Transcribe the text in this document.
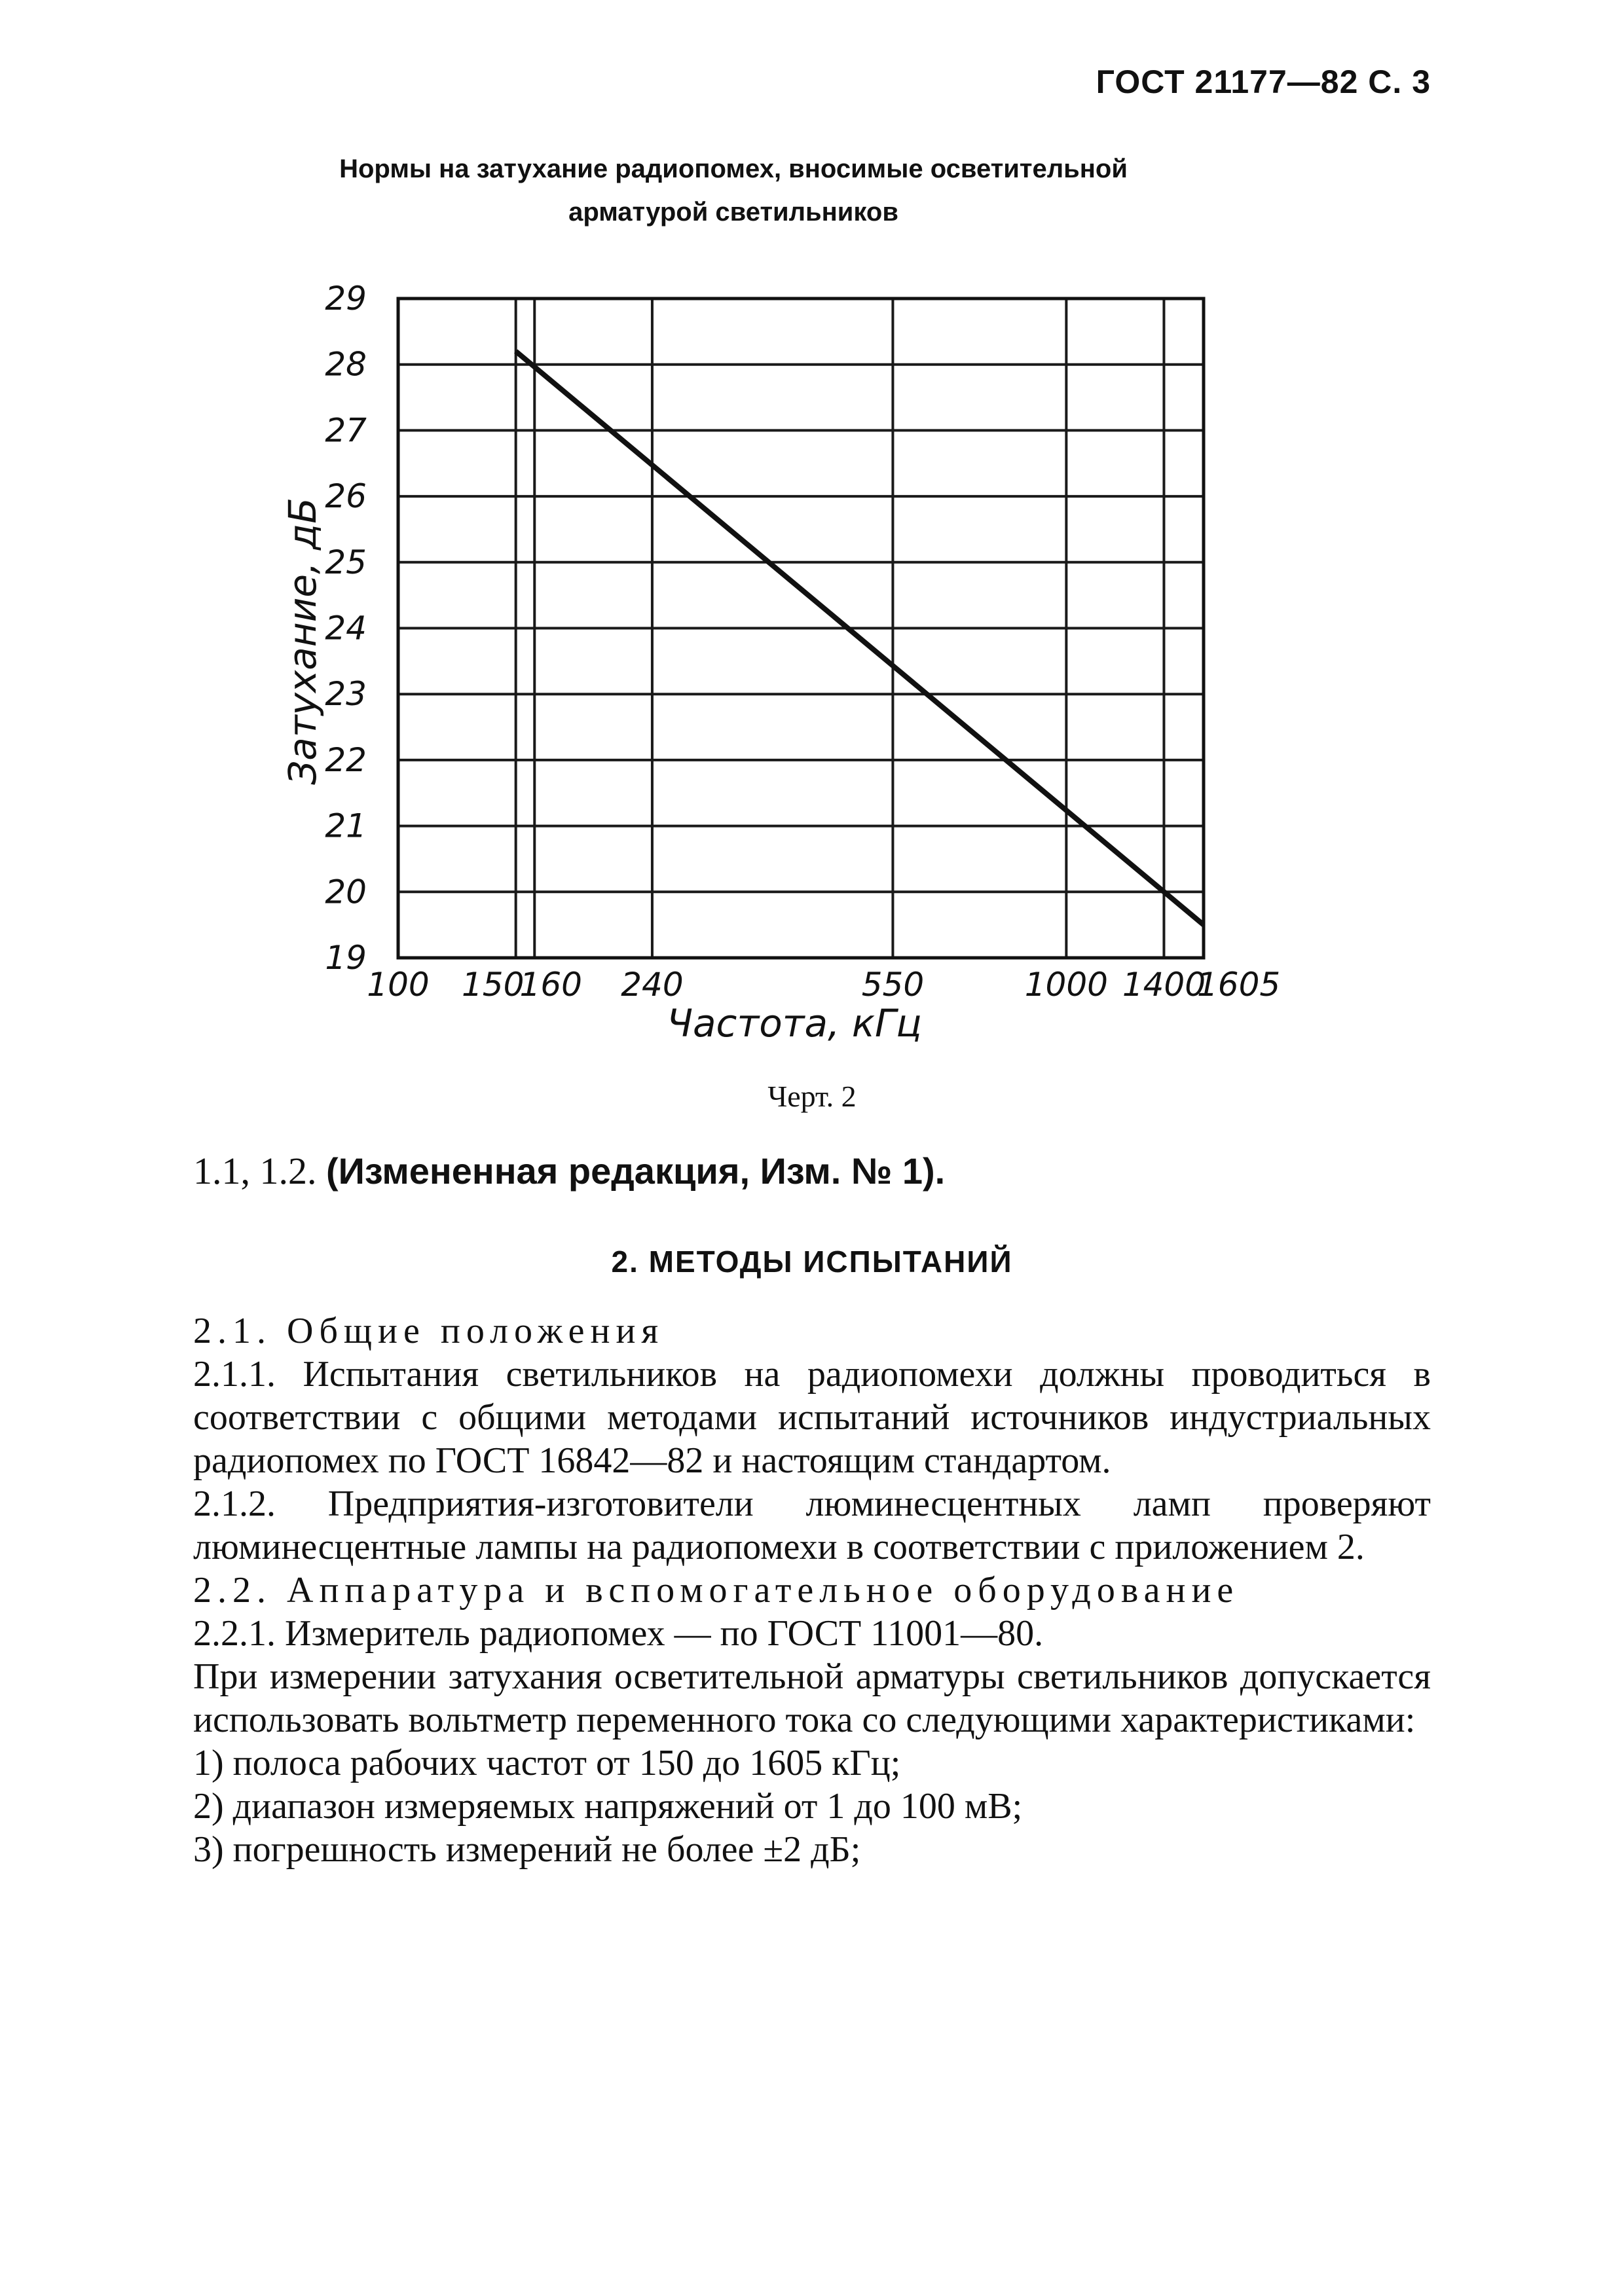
ГОСТ 21177—82 С. 3
Нормы на затухание радиопомех, вносимые осветительной
арматурой светильников
19
20
21
22
23
24
25
26
27
28
29
100 150
160 240	550	1000 1400
1605
Затухание, дБ
Частота, кГц
Черт. 2
1.1, 1.2. (Измененная редакция, Изм. № 1).
2. МЕТОДЫ ИСПЫТАНИЙ

2.1. Общие положения

2.1.1. Испытания светильников на радиопомехи должны проводиться в соответствии с общими методами испытаний источников индустриальных радиопомех по ГОСТ 16842—82 и настоящим стандартом.

2.1.2. Предприятия-изготовители люминесцентных ламп проверяют люминесцентные лампы на радиопомехи в соответствии с приложением 2.

2.2. Аппаратура и вспомогательное оборудование

2.2.1. Измеритель радиопомех — по ГОСТ 11001—80.

При измерении затухания осветительной арматуры светильников допускается использовать вольтметр переменного тока со следующими характеристиками:

1) полоса рабочих частот от 150 до 1605 кГц;

2) диапазон измеряемых напряжений от 1 до 100 мВ;

3) погрешность измерений не более ±2 дБ;
